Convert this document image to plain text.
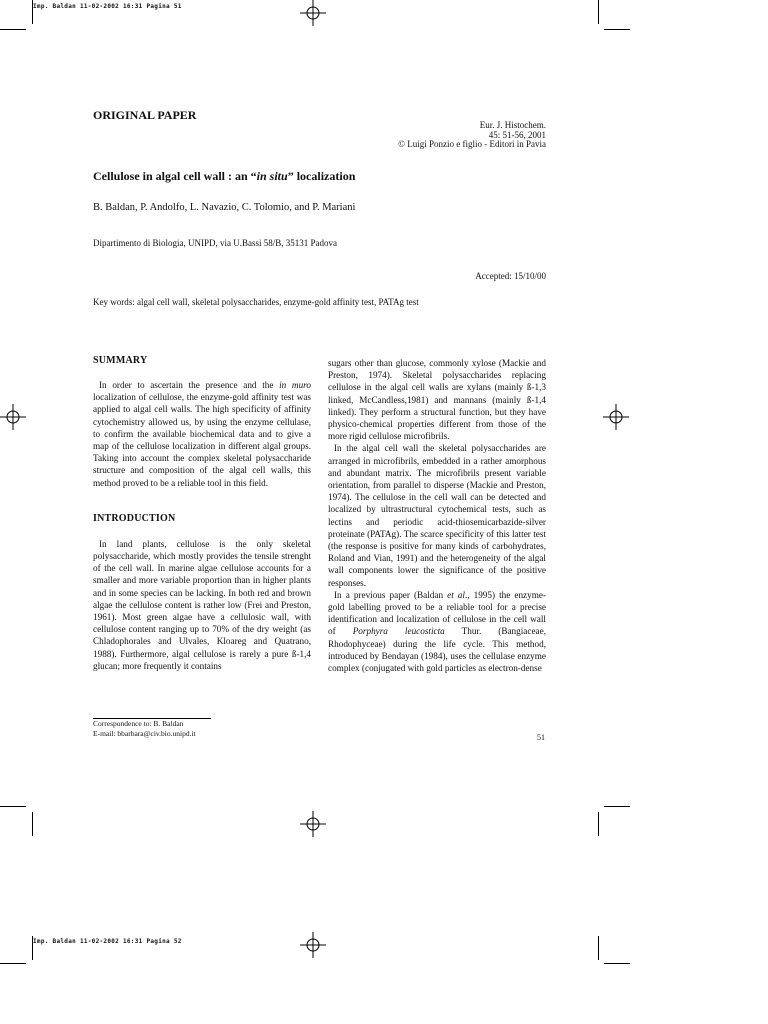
Imp. Baldan 11-02-2002 16:31 Pagina 51
Imp. Baldan 11-02-2002 16:31 Pagina 52
ORIGINAL PAPER
Eur. J. Histochem.
45: 51-56, 2001
© Luigi Ponzio e figlio - Editori in Pavia
Cellulose in algal cell wall : an “in situ” localization
B. Baldan, P. Andolfo, L. Navazio, C. Tolomio, and P. Mariani
Dipartimento di Biologia, UNIPD, via U.Bassi 58/B, 35131 Padova
Accepted: 15/10/00
Key words: algal cell wall, skeletal polysaccharides, enzyme-gold affinity test, PATAg test
SUMMARY

In order to ascertain the presence and the in muro localization of cellulose, the enzyme-gold affinity test was applied to algal cell walls. The high specificity of affinity cytochemistry allowed us, by using the enzyme cellulase, to confirm the available biochemical data and to give a map of the cellulose localization in different algal groups. Taking into account the complex skeletal polysaccharide structure and composition of the algal cell walls, this method proved to be a reliable tool in this field.

INTRODUCTION

In land plants, cellulose is the only skeletal polysaccharide, which mostly provides the tensile strenght of the cell wall. In marine algae cellulose accounts for a smaller and more variable proportion than in higher plants and in some species can be lacking. In both red and brown algae the cellulose content is rather low (Frei and Preston, 1961). Most green algae have a cellulosic wall, with cellulose content ranging up to 70% of the dry weight (as Chladophorales and Ulvales, Kloareg and Quatrano, 1988). Furthermore, algal cellulose is rarely a pure ß-1,4 glucan; more frequently it contains

sugars other than glucose, commonly xylose (Mackie and Preston, 1974). Skeletal polysaccharides replacing cellulose in the algal cell walls are xylans (mainly ß-1,3 linked, McCandless,1981) and mannans (mainly ß-1,4 linked). They perform a structural function, but they have physico-chemical properties different from those of the more rigid cellulose microfibrils.

In the algal cell wall the skeletal polysaccharides are arranged in microfibrils, embedded in a rather amorphous and abundant matrix. The microfibrils present variable orientation, from parallel to disperse (Mackie and Preston, 1974). The cellulose in the cell wall can be detected and localized by ultrastructural cytochemical tests, such as lectins and periodic acid-thiosemicarbazide-silver proteinate (PATAg). The scarce specificity of this latter test (the response is positive for many kinds of carbohydrates, Roland and Vian, 1991) and the heterogeneity of the algal wall components lower the significance of the positive responses.

In a previous paper (Baldan et al., 1995) the enzyme-gold labelling proved to be a reliable tool for a precise identification and localization of cellulose in the cell wall of Porphyra leucosticta Thur. (Bangiaceae, Rhodophyceae) during the life cycle. This method, introduced by Bendayan (1984), uses the cellulase enzyme complex (conjugated with gold particles as electron-dense

Correspondence to: B. Baldan
E-mail: bbarbara@civ.bio.unipd.it	51
